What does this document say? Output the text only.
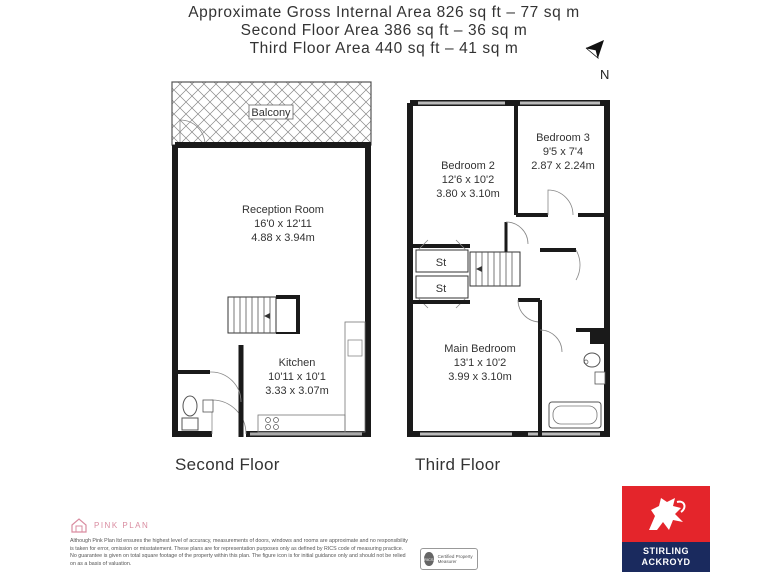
Approximate Gross Internal Area 826 sq ft – 77 sq m
Second Floor Area 386 sq ft – 36 sq m
Third Floor Area 440 sq ft – 41 sq m
N
Balcony
Reception Room
16'0 x 12'11
4.88 x 3.94m
Kitchen
10'11 x 10'1
3.33 x 3.07m
St
St
Bedroom 2
12'6 x 10'2
3.80 x 3.10m
Bedroom 3
9'5 x 7'4
2.87 x 2.24m
Main Bedroom
13'1 x 10'2
3.99 x 3.10m
Second Floor	Third Floor
PINK PLAN
Although Pink Plan ltd ensures the highest level of accuracy, measurements of doors, windows and rooms are approximate and no responsibility is taken for error, omission or misstatement. These plans are for representation purposes only as defined by RICS code of measuring practice. No guarantee is given on total square footage of the property within this plan. The figure icon is for initial guidance only and should not be relied on as a basis of valuation.
RICS
Certified Property Measurer
STIRLING
ACKROYD
